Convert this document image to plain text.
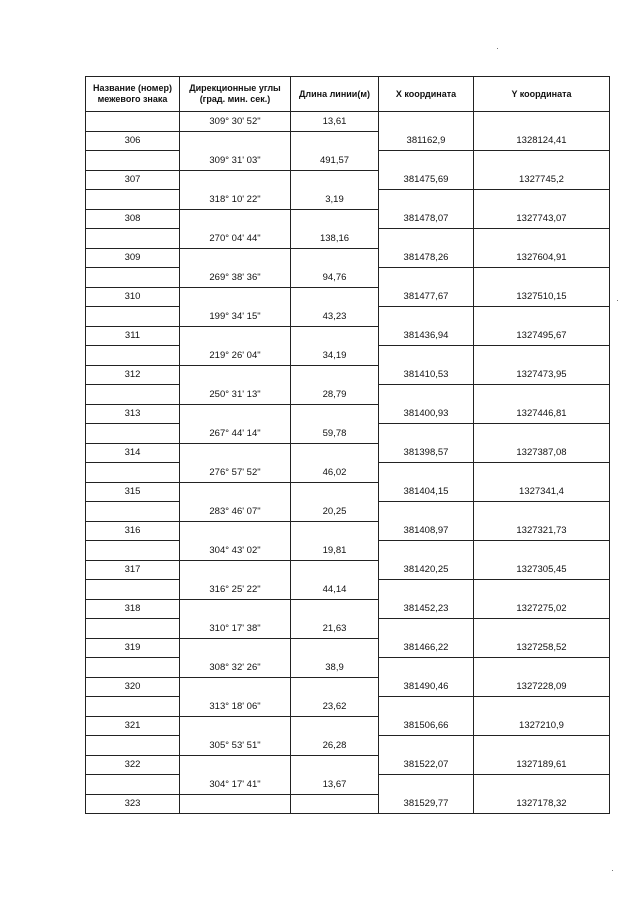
Название (номер) межевого знака	Дирекционные углы (град. мин. сек.)	Длина линии(м)	X координата	Y координата
	309° 30' 52"	13,61		
306			381162,9	1328124,41
	309° 31' 03"	491,57		
307			381475,69	1327745,2
	318° 10' 22"	3,19		
308			381478,07	1327743,07
	270° 04' 44"	138,16		
309			381478,26	1327604,91
	269° 38' 36"	94,76		
310			381477,67	1327510,15
	199° 34' 15"	43,23		
311			381436,94	1327495,67
	219° 26' 04"	34,19		
312			381410,53	1327473,95
	250° 31' 13"	28,79		
313			381400,93	1327446,81
	267° 44' 14"	59,78		
314			381398,57	1327387,08
	276° 57' 52"	46,02		
315			381404,15	1327341,4
	283° 46' 07"	20,25		
316			381408,97	1327321,73
	304° 43' 02"	19,81		
317			381420,25	1327305,45
	316° 25' 22"	44,14		
318			381452,23	1327275,02
	310° 17' 38"	21,63		
319			381466,22	1327258,52
	308° 32' 26"	38,9		
320			381490,46	1327228,09
	313° 18' 06"	23,62		
321			381506,66	1327210,9
	305° 53' 51"	26,28		
322			381522,07	1327189,61
	304° 17' 41"	13,67		
323			381529,77	1327178,32
